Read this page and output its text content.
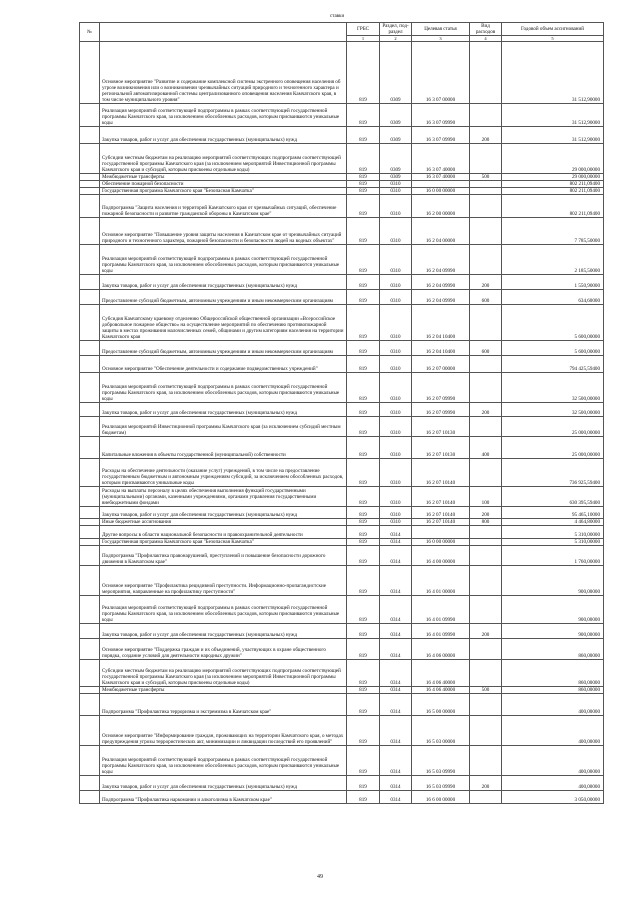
ставки
№		ГРБС	Раздел, под-раздел	Целевая статья	Вид расходов	Годовой объем ассигнований	
		1	2	3	4	5		
	Основное мероприятие "Развитие и содержание комплексной системы экстренного оповещения населения об угрозе возникновения или о возникновении чрезвычайных ситуаций природного и техногенного характера и региональной автоматизированной системы централизованного оповещения населения Камчатского края, в том числе муниципального уровня"	819	0309	16 3 07 00000		31 512,90000	
	Реализация мероприятий соответствующей подпрограммы в рамках соответствующей государственной программы Камчатского края, за исключением обособленных расходов, которым присваиваются уникальные коды	819	0309	16 3 07 09990		31 512,90000	
	Закупка товаров, работ и услуг для обеспечения государственных (муниципальных) нужд	819	0309	16 3 07 09990	200	31 512,90000	
	Субсидии местным бюджетам на реализацию мероприятий соответствующих подпрограмм соответствующей государственной программы Камчатского края (за исключением мероприятий Инвестиционной программы Камчатского края и субсидий, которым присвоены отдельные коды)	819	0309	16 3 07 40000		29 000,00000	
	Межбюджетные трансферты	819	0309	16 3 07 40000	500	29 000,00000	
	Обеспечение пожарной безопасности	819	0310			802 211,09400	
	Государственная программа Камчатского края "Безопасная Камчатка"	819	0310	16 0 00 00000		802 211,09400	
	Подпрограмма "Защита населения и территорий Камчатского края от чрезвычайных ситуаций, обеспечение пожарной безопасности и развитие гражданской обороны в Камчатском крае"	819	0310	16 2 00 00000		802 211,09400	
	Основное мероприятие "Повышение уровня защиты населения в Камчатском крае от чрезвычайных ситуаций природного и техногенного характера, пожарной безопасности и безопасности людей на водных объектах"	819	0310	16 2 04 00000		7 785,50000	
	Реализация мероприятий соответствующей подпрограммы в рамках соответствующей государственной программы Камчатского края, за исключением обособленных расходов, которым присваиваются уникальные коды	819	0310	16 2 04 09990		2 185,50000	
	Закупка товаров, работ и услуг для обеспечения государственных (муниципальных) нужд	819	0310	16 2 04 09990	200	1 550,90000	
	Предоставление субсидий бюджетным, автономным учреждениям и иным некоммерческим организациям	819	0310	16 2 04 09990	600	634,60000	
	Субсидия Камчатскому краевому отделению Общероссийской общественной организации «Всероссийское добровольное пожарное общество» на осуществление мероприятий по обеспечению противопожарной защиты в местах проживания малочисленных семей, общинами и другим категориям населения на территории Камчатского края	819	0310	16 2 04 10400		5 600,00000	
	Предоставление субсидий бюджетным, автономным учреждениям и иным некоммерческим организациям	819	0310	16 2 04 10400	600	5 600,00000	
	Основное мероприятие "Обеспечение деятельности и содержание подведомственных учреждений"	819	0310	16 2 07 00000		794 425,59400	
	Реализация мероприятий соответствующей подпрограммы в рамках соответствующей государственной программы Камчатского края, за исключением обособленных расходов, которым присваиваются уникальные коды	819	0310	16 2 07 09990		32 500,00000	
	Закупка товаров, работ и услуг для обеспечения государственных (муниципальных) нужд	819	0310	16 2 07 09990	200	32 500,00000	
	Реализация мероприятий Инвестиционной программы Камчатского края (за исключением субсидий местным бюджетам)	819	0310	16 2 07 10130		25 000,00000	
	Капитальные вложения в объекты государственной (муниципальной) собственности	819	0310	16 2 07 10130	400	25 000,00000	
	Расходы на обеспечение деятельности (оказание услуг) учреждений, в том числе на предоставление государственным бюджетным и автономным учреждениям субсидий, за исключением обособленных расходов, которым присваиваются уникальные коды	819	0310	16 2 07 10140		736 925,59400	
	Расходы на выплаты персоналу в целях обеспечения выполнения функций государственными (муниципальными) органами, казенными учреждениями, органами управления государственными внебюджетными фондами	819	0310	16 2 07 10140	100	630 395,59400	
	Закупка товаров, работ и услуг для обеспечения государственных (муниципальных) нужд	819	0310	16 2 07 10140	200	95 465,10000	
	Иные бюджетные ассигнования	819	0310	16 2 07 10140	800	4 464,80000	
	Другие вопросы в области национальной безопасности и правоохранительной деятельности	819	0314			5 310,00000	
	Государственная программа Камчатского края "Безопасная Камчатка"	819	0314	16 0 00 00000		5 310,00000	
	Подпрограмма "Профилактика правонарушений, преступлений и повышение безопасности дорожного движения в Камчатском крае"	819	0314	16 4 00 00000		1 760,00000	
	Основное мероприятие "Профилактика рецидивной преступности. Информационно-пропагандистские мероприятия, направленные на профилактику преступности"	819	0314	16 4 01 00000		900,00000	
	Реализация мероприятий соответствующей подпрограммы в рамках соответствующей государственной программы Камчатского края, за исключением обособленных расходов, которым присваиваются уникальные коды	819	0314	16 4 01 09990		900,00000	
	Закупка товаров, работ и услуг для обеспечения государственных (муниципальных) нужд	819	0314	16 4 01 09990	200	900,00000	
	Основное мероприятие "Поддержка граждан и их объединений, участвующих в охране общественного порядка, создание условий для деятельности народных дружин"	819	0314	16 4 06 00000		860,00000	
	Субсидии местным бюджетам на реализацию мероприятий соответствующих подпрограмм соответствующей государственной программы Камчатского края (за исключением мероприятий Инвестиционной программы Камчатского края и субсидий, которым присвоены отдельные коды)	819	0314	16 4 06 40000		860,00000	
	Межбюджетные трансферты	819	0314	16 4 06 40000	500	860,00000	
	Подпрограмма "Профилактика терроризма и экстремизма в Камчатском крае"	819	0314	16 5 00 00000		400,00000	
	Основное мероприятие "Информирование граждан, проживающих на территории Камчатского края, о методах предупреждения угрозы террористических акт, минимизации и ликвидации последствий его проявлений"	819	0314	16 5 03 00000		400,00000	
	Реализация мероприятий соответствующей подпрограммы в рамках соответствующей государственной программы Камчатского края, за исключением обособленных расходов, которым присваиваются уникальные коды	819	0314	16 5 03 09990		400,00000	
	Закупка товаров, работ и услуг для обеспечения государственных (муниципальных) нужд	819	0314	16 5 03 09990	200	400,00000	
	Подпрограмма "Профилактика наркомании и алкоголизма в Камчатском крае"	819	0314	16 6 00 00000		3 050,00000	
49
